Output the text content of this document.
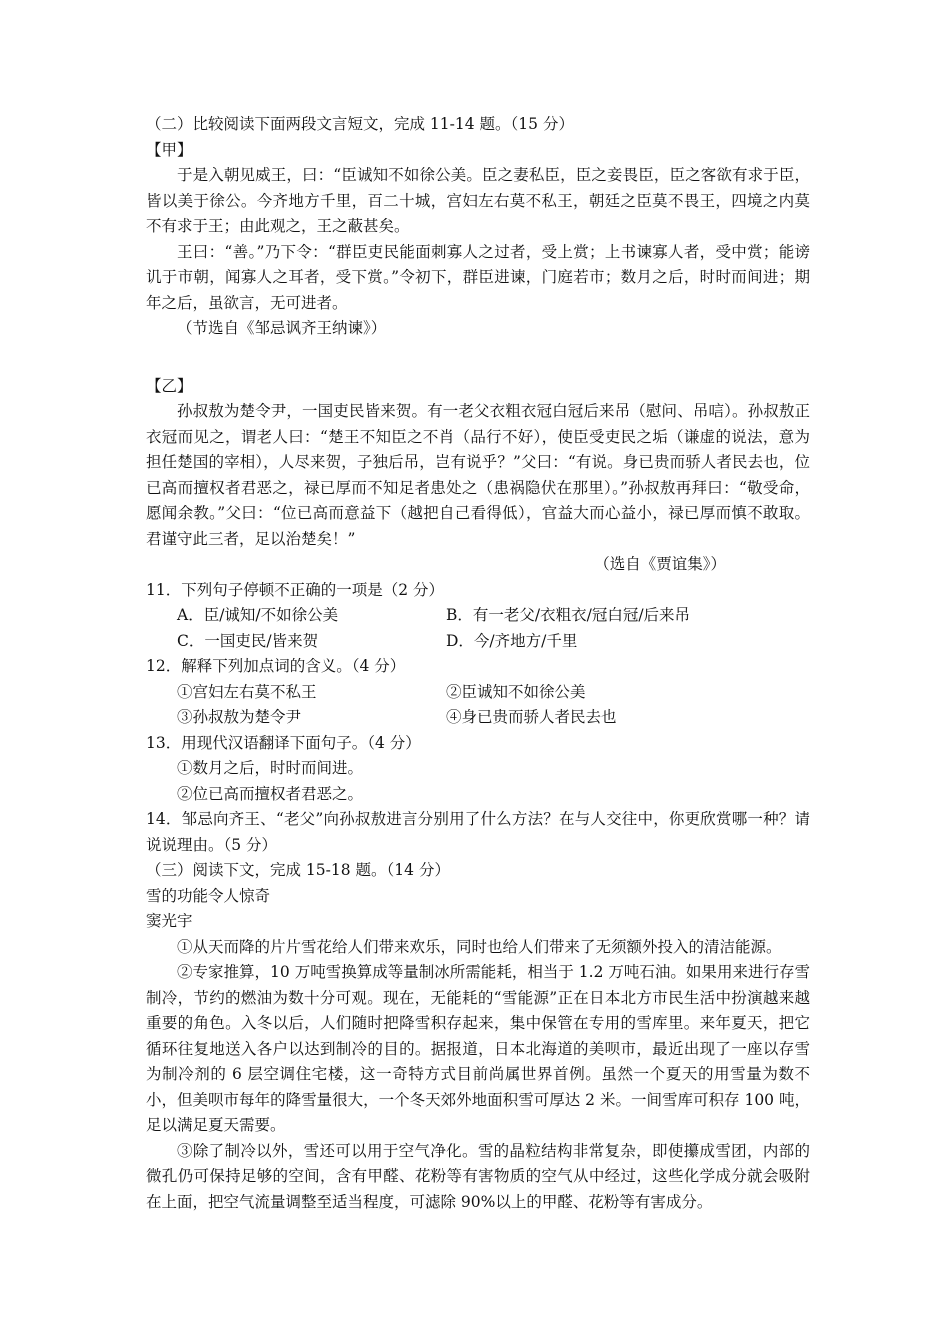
（二）比较阅读下面两段文言短文，完成 11-14 题。（15 分）
【甲】
于是入朝见威王，曰：“臣诚知不如徐公美。臣之妻私臣，臣之妾畏臣，臣之客欲有求于臣，皆以美于徐公。今齐地方千里，百二十城，宫妇左右莫不私王，朝廷之臣莫不畏王，四境之内莫不有求于王；由此观之，王之蔽甚矣。
王曰：“善。”乃下令：“群臣吏民能面刺寡人之过者，受上赏；上书谏寡人者，受中赏；能谤讥于市朝，闻寡人之耳者，受下赏。”令初下，群臣进谏，门庭若市；数月之后，时时而间进；期年之后，虽欲言，无可进者。
（节选自《邹忌讽齐王纳谏》）
【乙】
孙叔敖为楚令尹，一国吏民皆来贺。有一老父衣粗衣冠白冠后来吊（慰问、吊唁）。孙叔敖正衣冠而见之，谓老人曰：“楚王不知臣之不肖（品行不好），使臣受吏民之垢（谦虚的说法，意为担任楚国的宰相），人尽来贺，子独后吊，岂有说乎？”父曰：“有说。身已贵而骄人者民去也，位已高而擅权者君恶之，禄已厚而不知足者患处之（患祸隐伏在那里）。”孙叔敖再拜曰：“敬受命，愿闻余教。”父曰：“位已高而意益下（越把自己看得低），官益大而心益小，禄已厚而慎不敢取。君谨守此三者，足以治楚矣！”
（选自《贾谊集》）
11．下列句子停顿不正确的一项是（2 分）
A．臣/诚知/不如徐公美	B．有一老父/衣粗衣/冠白冠/后来吊
C．一国吏民/皆来贺	D．今/齐地方/千里
12．解释下列加点词的含义。（4 分）
①宫妇左右莫不私王	②臣诚知不如徐公美
③孙叔敖为楚令尹	④身已贵而骄人者民去也
13．用现代汉语翻译下面句子。（4 分）
①数月之后，时时而间进。
②位已高而擅权者君恶之。
14．邹忌向齐王、“老父”向孙叔敖进言分别用了什么方法？在与人交往中，你更欣赏哪一种？请说说理由。（5 分）
（三）阅读下文，完成 15-18 题。（14 分）
雪的功能令人惊奇
窦光宇
①从天而降的片片雪花给人们带来欢乐，同时也给人们带来了无须额外投入的清洁能源。
②专家推算，10 万吨雪换算成等量制冰所需能耗，相当于 1.2 万吨石油。如果用来进行存雪制冷，节约的燃油为数十分可观。现在，无能耗的“雪能源”正在日本北方市民生活中扮演越来越重要的角色。入冬以后，人们随时把降雪积存起来，集中保管在专用的雪库里。来年夏天，把它循环往复地送入各户以达到制冷的目的。据报道，日本北海道的美呗市，最近出现了一座以存雪为制冷剂的 6 层空调住宅楼，这一奇特方式目前尚属世界首例。虽然一个夏天的用雪量为数不小，但美呗市每年的降雪量很大，一个冬天郊外地面积雪可厚达 2 米。一间雪库可积存 100 吨，足以满足夏天需要。
③除了制冷以外，雪还可以用于空气净化。雪的晶粒结构非常复杂，即使攥成雪团，内部的微孔仍可保持足够的空间，含有甲醛、花粉等有害物质的空气从中经过，这些化学成分就会吸附在上面，把空气流量调整至适当程度，可滤除 90%以上的甲醛、花粉等有害成分。
